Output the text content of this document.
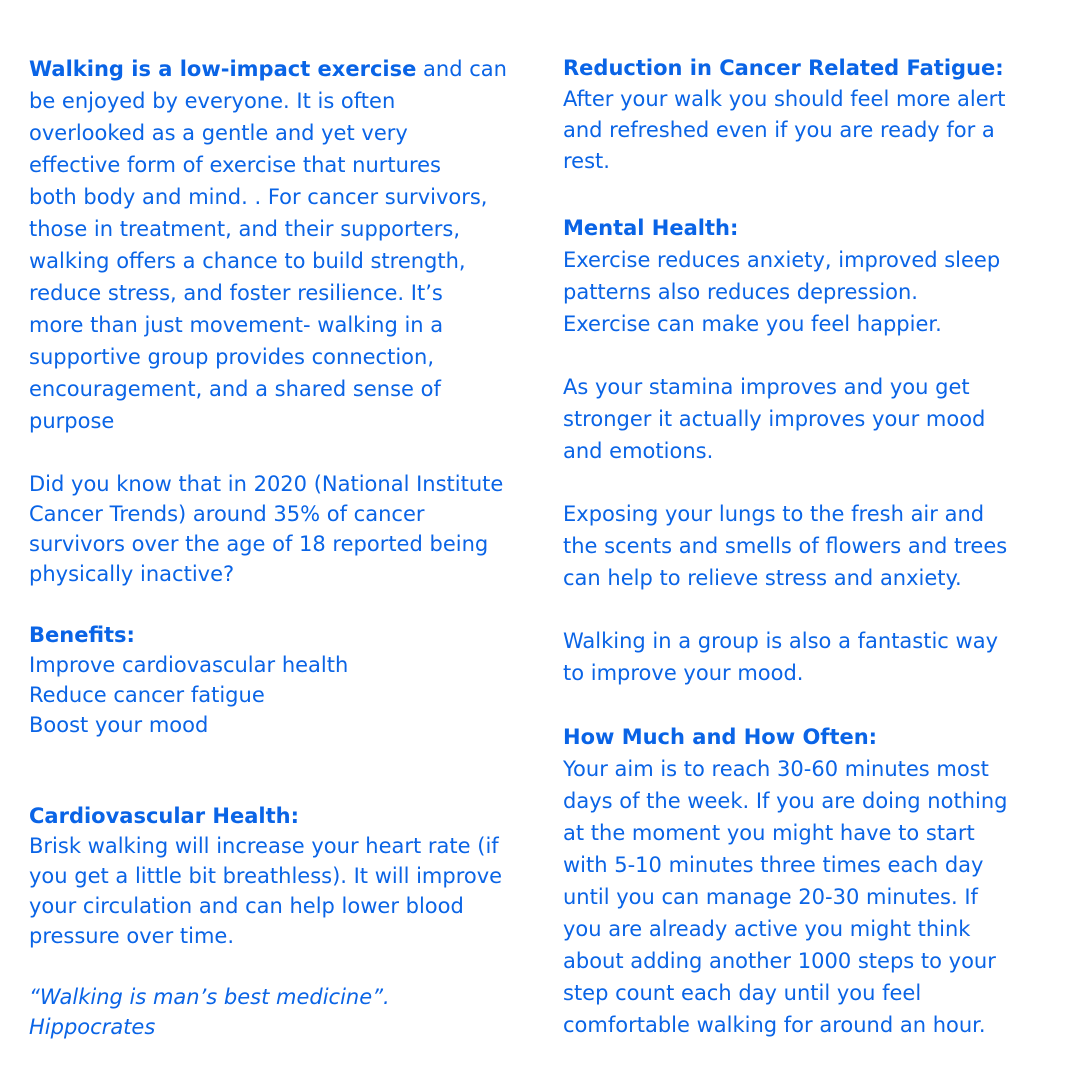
Walking is a low-impact exercise and can
be enjoyed by everyone. It is often
overlooked as a gentle and yet very
effective form of exercise that nurtures
both body and mind. . For cancer survivors,
those in treatment, and their supporters,
walking offers a chance to build strength,
reduce stress, and foster resilience. It’s
more than just movement- walking in a
supportive group provides connection,
encouragement, and a shared sense of
purpose
Did you know that in 2020 (National Institute
Cancer Trends) around 35% of cancer
survivors over the age of 18 reported being
physically inactive?
Benefits:
Improve cardiovascular health
Reduce cancer fatigue
Boost your mood
Cardiovascular Health:
Brisk walking will increase your heart rate (if
you get a little bit breathless). It will improve
your circulation and can help lower blood
pressure over time.
“Walking is man’s best medicine”.
Hippocrates
Reduction in Cancer Related Fatigue:
After your walk you should feel more alert
and refreshed even if you are ready for a
rest.
Mental Health:
Exercise reduces anxiety, improved sleep
patterns also reduces depression.
Exercise can make you feel happier.
As your stamina improves and you get
stronger it actually improves your mood
and emotions.
Exposing your lungs to the fresh air and
the scents and smells of flowers and trees
can help to relieve stress and anxiety.
Walking in a group is also a fantastic way
to improve your mood.
How Much and How Often:
Your aim is to reach 30-60 minutes most
days of the week. If you are doing nothing
at the moment you might have to start
with 5-10 minutes three times each day
until you can manage 20-30 minutes. If
you are already active you might think
about adding another 1000 steps to your
step count each day until you feel
comfortable walking for around an hour.
